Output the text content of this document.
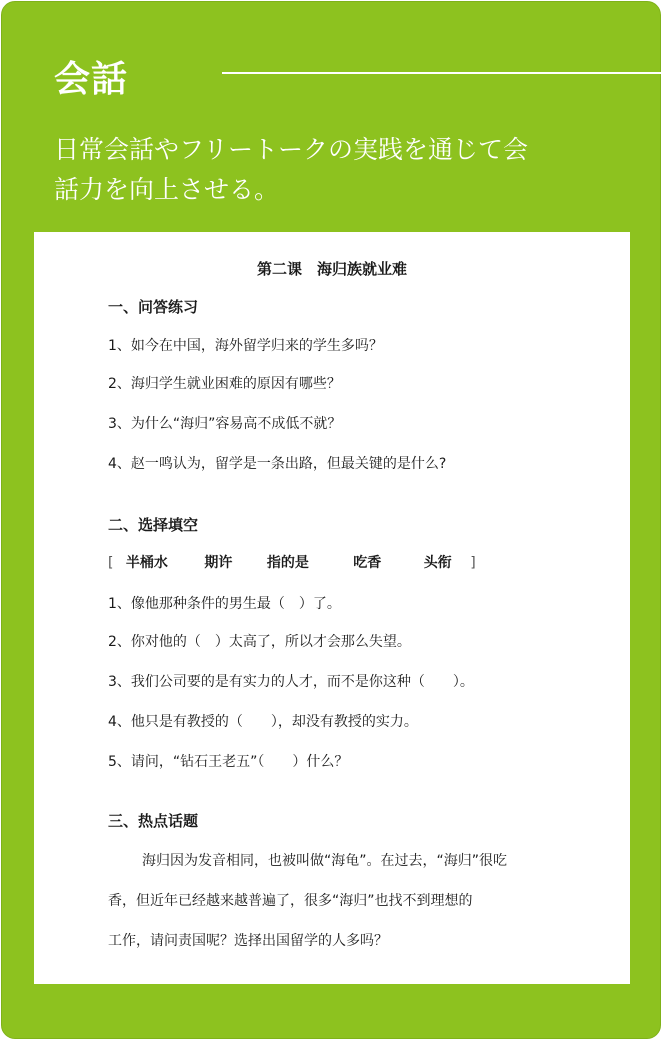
会話
日常会話やフリートークの実践を通じて会
話力を向上させる。
第二课　海归族就业难
一、问答练习
1、如今在中国，海外留学归来的学生多吗？
2、海归学生就业困难的原因有哪些？
3、为什么“海归”容易高不成低不就？
4、赵一鸣认为，留学是一条出路，但最关键的是什么?
二、选择填空
[ 半桶水	期许 指的是	吃香	头衔 ]
1、像他那种条件的男生最（　）了。
2、你对他的（　）太高了，所以才会那么失望。
3、我们公司要的是有实力的人才，而不是你这种（　　）。
4、他只是有教授的（　　），却没有教授的实力。
5、请问，“钻石王老五”（　　）什么？
三、热点话题
海归因为发音相同，也被叫做“海龟”。在过去，“海归”很吃
香，但近年已经越来越普遍了，很多“海归”也找不到理想的
工作，请问责国呢？选择出国留学的人多吗？
